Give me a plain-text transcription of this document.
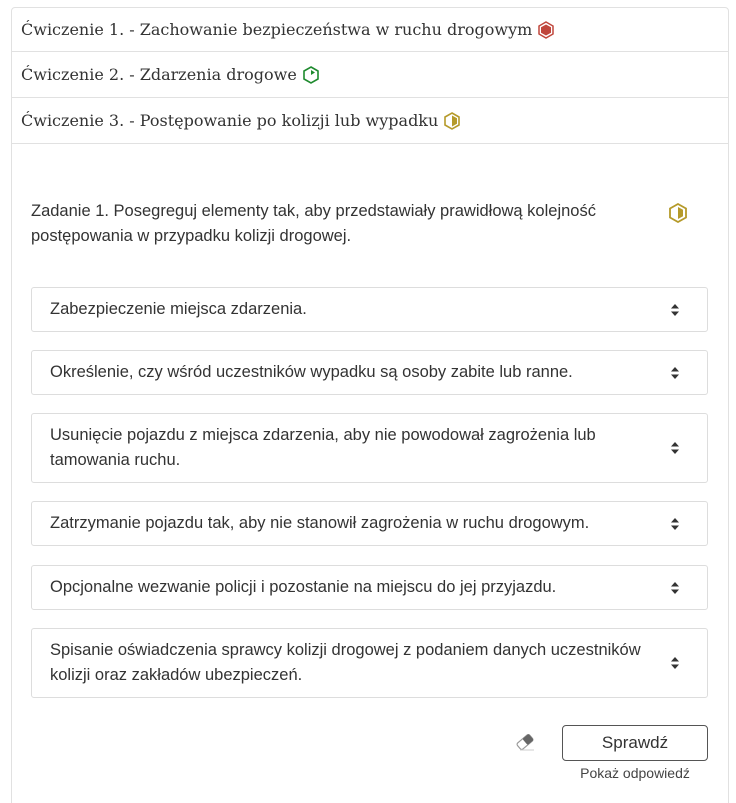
Ćwiczenie 1. - Zachowanie bezpieczeństwa w ruchu drogowym
Ćwiczenie 2. - Zdarzenia drogowe
Ćwiczenie 3. - Postępowanie po kolizji lub wypadku
Zadanie 1. Posegreguj elementy tak, aby przedstawiały prawidłową kolejność postępowania w przypadku kolizji drogowej.
Zabezpieczenie miejsca zdarzenia.
Określenie, czy wśród uczestników wypadku są osoby zabite lub ranne.
Usunięcie pojazdu z miejsca zdarzenia, aby nie powodował zagrożenia lub tamowania ruchu.
Zatrzymanie pojazdu tak, aby nie stanowił zagrożenia w ruchu drogowym.
Opcjonalne wezwanie policji i pozostanie na miejscu do jej przyjazdu.
Spisanie oświadczenia sprawcy kolizji drogowej z podaniem danych uczestników kolizji oraz zakładów ubezpieczeń.
Sprawdź
Pokaż odpowiedź
